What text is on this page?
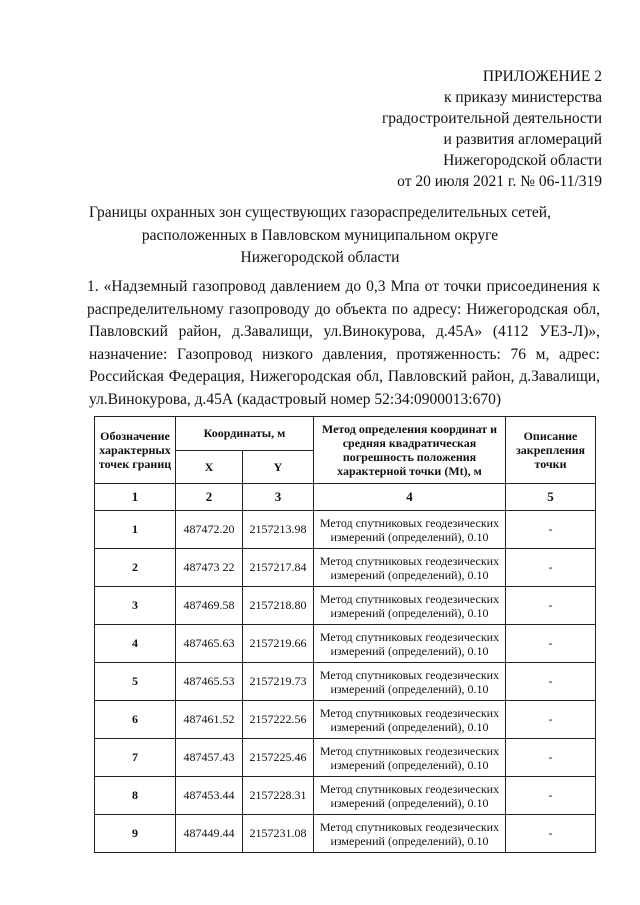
ПРИЛОЖЕНИЕ 2
к приказу министерства
градостроительной деятельности
и развития агломераций
Нижегородской области
от 20 июля 2021 г. № 06-11/319
Границы охранных зон существующих газораспределительных сетей,
расположенных в Павловском муниципальном округе
Нижегородской области
1. «Надземный газопровод давлением до 0,3 Мпа от точки присоединения к
распределительному газопроводу до объекта по адресу: Нижегородская обл,
Павловский район, д.Завалищи, ул.Винокурова, д.45А» (4112 УЕЗ-Л)»,
назначение: Газопровод низкого давления, протяженность: 76 м, адрес:
Российская Федерация, Нижегородская обл, Павловский район, д.Завалищи,
ул.Винокурова, д.45А (кадастровый номер 52:34:0900013:670)
Обозначение характерных точек границ	Координаты, м		Метод определения координат и средняя квадратическая погрешность положения характерной точки (Mt), м	Описание закрепления точки
	X	Y		
1	2	3	4	5
1	487472.20	2157213.98	Метод спутниковых геодезических измерений (определений), 0.10	-
2	487473 22	2157217.84	Метод спутниковых геодезических измерений (определений), 0.10	-
3	487469.58	2157218.80	Метод спутниковых геодезических измерений (определений), 0.10	-
4	487465.63	2157219.66	Метод спутниковых геодезических измерений (определений), 0.10	-
5	487465.53	2157219.73	Метод спутниковых геодезических измерений (определений), 0.10	-
6	487461.52	2157222.56	Метод спутниковых геодезических измерений (определений), 0.10	-
7	487457.43	2157225.46	Метод спутниковых геодезических измерений (определений), 0.10	-
8	487453.44	2157228.31	Метод спутниковых геодезических измерений (определений), 0.10	-
9	487449.44	2157231.08	Метод спутниковых геодезических измерений (определений), 0.10	-
